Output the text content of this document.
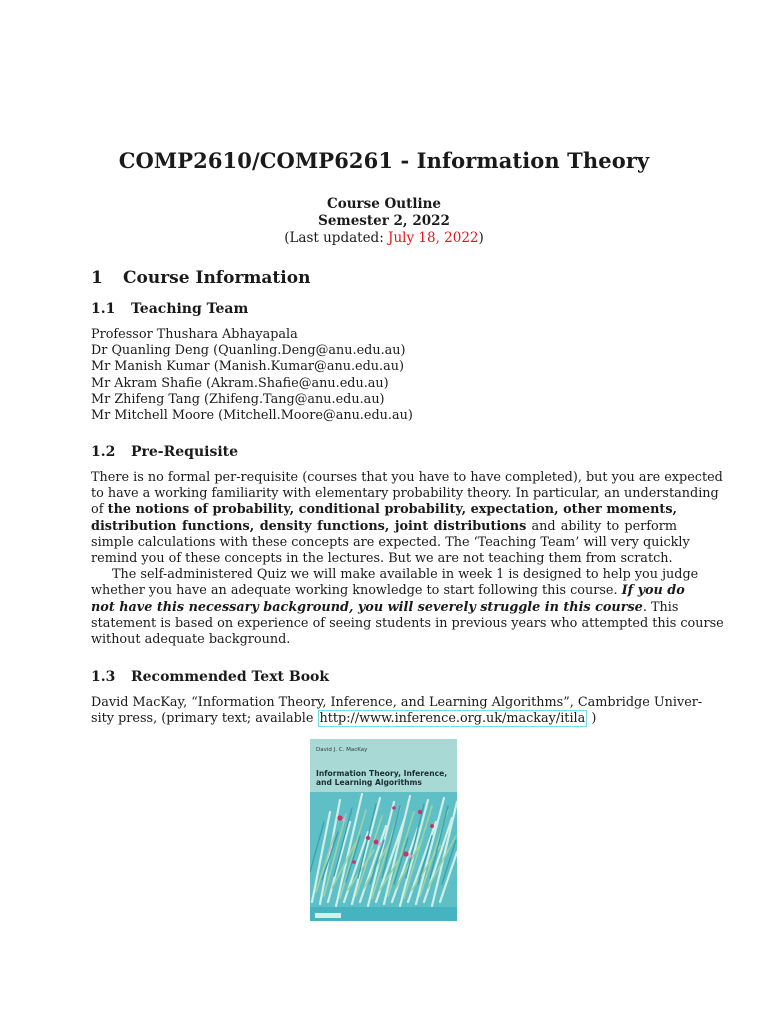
COMP2610/COMP6261 - Information Theory
Course Outline
Semester 2, 2022
(Last updated: July 18, 2022)
1 Course Information
1.1 Teaching Team
Professor Thushara Abhayapala
Dr Quanling Deng (Quanling.Deng@anu.edu.au)
Mr Manish Kumar (Manish.Kumar@anu.edu.au)
Mr Akram Shafie (Akram.Shafie@anu.edu.au)
Mr Zhifeng Tang (Zhifeng.Tang@anu.edu.au)
Mr Mitchell Moore (Mitchell.Moore@anu.edu.au)
1.2 Pre-Requisite
There is no formal per-requisite (courses that you have to have completed), but you are expected
to have a working familiarity with elementary probability theory. In particular, an understanding
of the notions of probability, conditional probability, expectation, other moments,
distribution functions, density functions, joint distributions and ability to perform
simple calculations with these concepts are expected. The ‘Teaching Team’ will very quickly
remind you of these concepts in the lectures. But we are not teaching them from scratch.
The self-administered Quiz we will make available in week 1 is designed to help you judge
whether you have an adequate working knowledge to start following this course. If you do
not have this necessary background, you will severely struggle in this course. This
statement is based on experience of seeing students in previous years who attempted this course
without adequate background.
1.3 Recommended Text Book
David MacKay, “Information Theory, Inference, and Learning Algorithms”, Cambridge Univer-
sity press, (primary text; available http://www.inference.org.uk/mackay/itila )
David J. C. MacKay
Information Theory, Inference,
and Learning Algorithms
